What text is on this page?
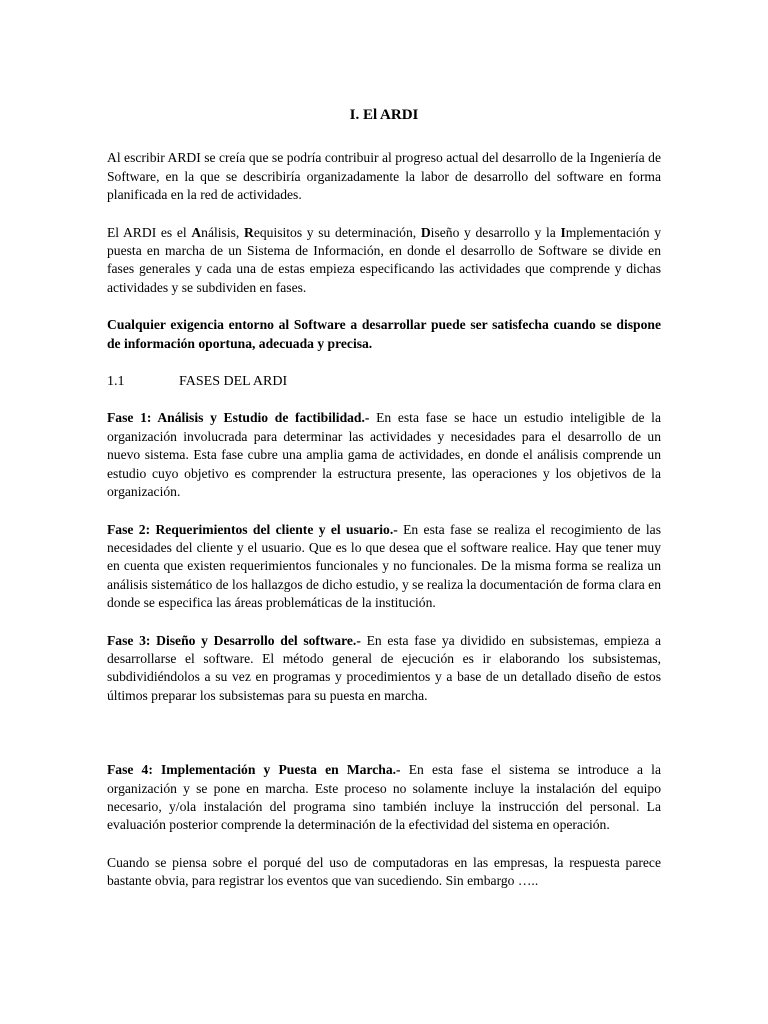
I. El ARDI

Al escribir ARDI se creía que se podría contribuir al progreso actual del desarrollo de la Ingeniería de Software, en la que se describiría organizadamente la labor de desarrollo del software en forma planificada en la red de actividades.

El ARDI es el Análisis, Requisitos y su determinación, Diseño y desarrollo y la Implementación y puesta en marcha de un Sistema de Información, en donde el desarrollo de Software se divide en fases generales y cada una de estas empieza especificando las actividades que comprende y dichas actividades y se subdividen en fases.

Cualquier exigencia entorno al Software a desarrollar puede ser satisfecha cuando se dispone de información oportuna, adecuada y precisa.

1.1	FASES DEL ARDI

Fase 1: Análisis y Estudio de factibilidad.- En esta fase se hace un estudio inteligible de la organización involucrada para determinar las actividades y necesidades para el desarrollo de un nuevo sistema. Esta fase cubre una amplia gama de actividades, en donde el análisis comprende un estudio cuyo objetivo es comprender la estructura presente, las operaciones y los objetivos de la organización.

Fase 2: Requerimientos del cliente y el usuario.- En esta fase se realiza el recogimiento de las necesidades del cliente y el usuario. Que es lo que desea que el software realice. Hay que tener muy en cuenta que existen requerimientos funcionales y no funcionales. De la misma forma se realiza un análisis sistemático de los hallazgos de dicho estudio, y se realiza la documentación de forma clara en donde se especifica las áreas problemáticas de la institución.

Fase 3: Diseño y Desarrollo del software.- En esta fase ya dividido en subsistemas, empieza a desarrollarse el software. El método general de ejecución es ir elaborando los subsistemas, subdividiéndolos a su vez en programas y procedimientos y a base de un detallado diseño de estos últimos preparar los subsistemas para su puesta en marcha.

Fase 4: Implementación y Puesta en Marcha.- En esta fase el sistema se introduce a la organización y se pone en marcha. Este proceso no solamente incluye la instalación del equipo necesario, y/ola instalación del programa sino también incluye la instrucción del personal. La evaluación posterior comprende la determinación de la efectividad del sistema en operación.

Cuando se piensa sobre el porqué del uso de computadoras en las empresas, la respuesta parece bastante obvia, para registrar los eventos que van sucediendo. Sin embargo …..
